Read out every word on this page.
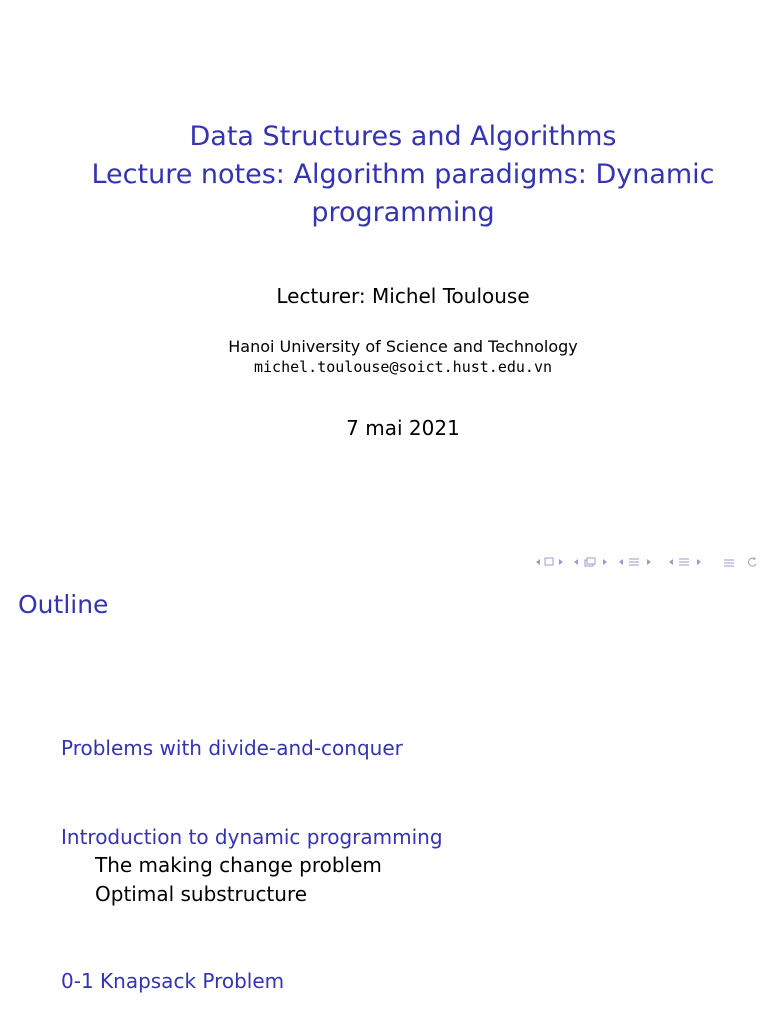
Data Structures and Algorithms
Lecture notes: Algorithm paradigms: Dynamic
programming
Lecturer: Michel Toulouse
Hanoi University of Science and Technology
michel.toulouse@soict.hust.edu.vn
7 mai 2021

Outline
Problems with divide-and-conquer
Introduction to dynamic programming
The making change problem
Optimal substructure
0-1 Knapsack Problem
